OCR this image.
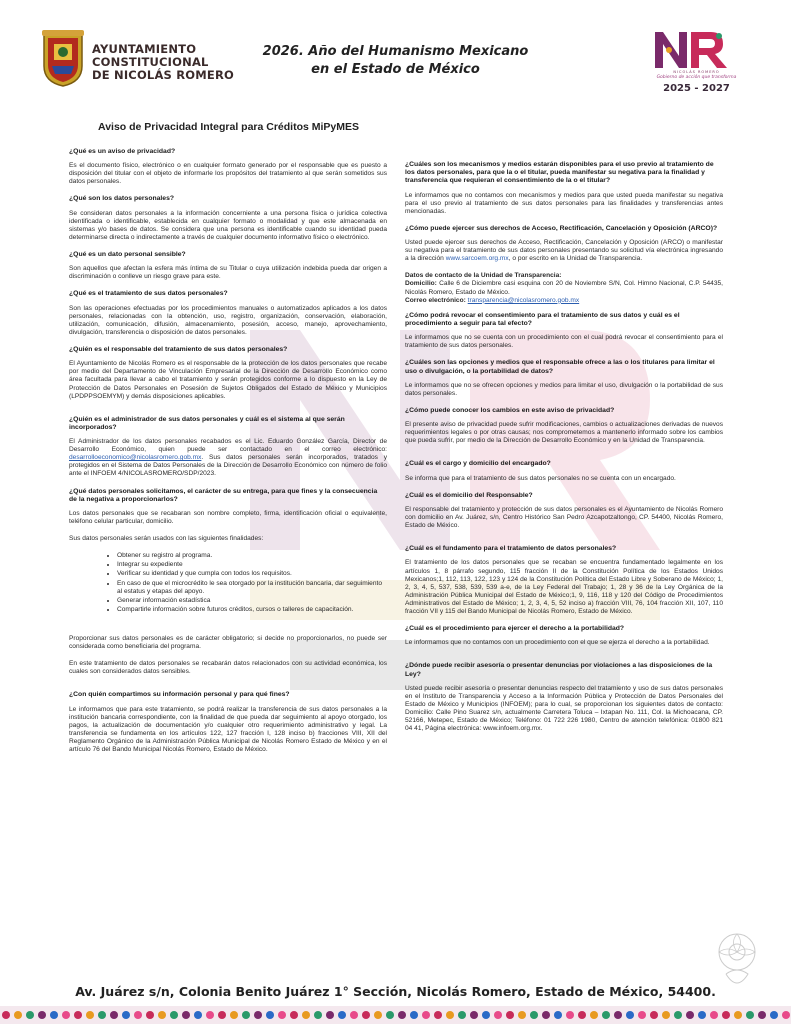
AYUNTAMIENTO
CONSTITUCIONAL
DE NICOLÁS ROMERO
2026. Año del Humanismo Mexicano
en el Estado de México	NICOLÁS ROMERO
Gobierno de acción que transforma
2025 - 2027
Aviso de Privacidad Integral para Créditos MiPyMES
¿Qué es un aviso de privacidad?

Es el documento físico, electrónico o en cualquier formato generado por el responsable que es puesto a disposición del titular con el objeto de informarle los propósitos del tratamiento al que serán sometidos sus datos personales.

¿Qué son los datos personales?

Se consideran datos personales a la información concerniente a una persona física o jurídica colectiva identificada o identificable, establecida en cualquier formato o modalidad y que este almacenada en sistemas y/o bases de datos. Se considera que una persona es identificable cuando su identidad pueda determinarse directa o indirectamente a través de cualquier documento informativo físico o electrónico.

¿Qué es un dato personal sensible?

Son aquellos que afectan la esfera más íntima de su Titular o cuya utilización indebida pueda dar origen a discriminación o conlleve un riesgo grave para este.

¿Qué es el tratamiento de sus datos personales?

Son las operaciones efectuadas por los procedimientos manuales o automatizados aplicados a los datos personales, relacionadas con la obtención, uso, registro, organización, conservación, elaboración, utilización, comunicación, difusión, almacenamiento, posesión, acceso, manejo, aprovechamiento, divulgación, transferencia o disposición de datos personales.

¿Quién es el responsable del tratamiento de sus datos personales?

El Ayuntamiento de Nicolás Romero es el responsable de la protección de los datos personales que recabe por medio del Departamento de Vinculación Empresarial de la Dirección de Desarrollo Económico como área facultada para llevar a cabo el tratamiento y serán protegidos conforme a lo dispuesto en la Ley de Protección de Datos Personales en Posesión de Sujetos Obligados del Estado de México y Municipios (LPDPPSOEMYM) y demás disposiciones aplicables.

¿Quién es el administrador de sus datos personales y cuál es el sistema al que serán incorporados?

El Administrador de los datos personales recabados es el Lic. Eduardo González García, Director de Desarrollo Económico, quien puede ser contactado en el correo electrónico: desarrolloeconomico@nicolasromero.gob.mx. Sus datos personales serán incorporados, tratados y protegidos en el Sistema de Datos Personales de la Dirección de Desarrollo Económico con número de folio ante el INFOEM 4/NICOLASROMERO/SDP/2023.

¿Qué datos personales solicitamos, el carácter de su entrega, para que fines y la consecuencia de la negativa a proporcionarlos?

Los datos personales que se recabaran son nombre completo, firma, identificación oficial o equivalente, teléfono celular particular, domicilio.

Sus datos personales serán usados con las siguientes finalidades:

• Obtener su registro al programa.
• Integrar su expediente
• Verificar su identidad y que cumpla con todos los requisitos.
• En caso de que el microcrédito le sea otorgado por la institución bancaria, dar seguimiento al estatus y etapas del apoyo.
• Generar información estadística
• Compartirle información sobre futuros créditos, cursos o talleres de capacitación.

Proporcionar sus datos personales es de carácter obligatorio; si decide no proporcionarlos, no puede ser considerada como beneficiaria del programa.

En este tratamiento de datos personales se recabarán datos relacionados con su actividad económica, los cuales son considerados datos sensibles.

¿Con quién compartimos su información personal y para qué fines?

Le informamos que para este tratamiento, se podrá realizar la transferencia de sus datos personales a la institución bancaria correspondiente, con la finalidad de que pueda dar seguimiento al apoyo otorgado, los pagos, la actualización de documentación y/o cualquier otro requerimiento administrativo y legal. La transferencia se fundamenta en los artículos 122, 127 fracción I, 128 inciso b) fracciones VIII, XII del Reglamento Orgánico de la Administración Pública Municipal de Nicolás Romero Estado de México y en el artículo 76 del Bando Municipal Nicolás Romero, Estado de México.

¿Cuáles son los mecanismos y medios estarán disponibles para el uso previo al tratamiento de los datos personales, para que la o el titular, pueda manifestar su negativa para la finalidad y transferencia que requieran el consentimiento de la o el titular?

Le informamos que no contamos con mecanismos y medios para que usted pueda manifestar su negativa para el uso previo al tratamiento de sus datos personales para las finalidades y transferencias antes mencionadas.

¿Cómo puede ejercer sus derechos de Acceso, Rectificación, Cancelación y Oposición (ARCO)?

Usted puede ejercer sus derechos de Acceso, Rectificación, Cancelación y Oposición (ARCO) o manifestar su negativa para el tratamiento de sus datos personales presentando su solicitud vía electrónica ingresando a la dirección www.sarcoem.org.mx, o por escrito en la Unidad de Transparencia.

Datos de contacto de la Unidad de Transparencia:
Domicilio: Calle 6 de Diciembre casi esquina con 20 de Noviembre S/N, Col. Himno Nacional, C.P. 54435, Nicolás Romero, Estado de México.
Correo electrónico: transparencia@nicolasromero.gob.mx

¿Cómo podrá revocar el consentimiento para el tratamiento de sus datos y cuál es el procedimiento a seguir para tal efecto?

Le informamos que no se cuenta con un procedimiento con el cual podrá revocar el consentimiento para el tratamiento de sus datos personales.

¿Cuáles son las opciones y medios que el responsable ofrece a las o los titulares para limitar el uso o divulgación, o la portabilidad de datos?

Le informamos que no se ofrecen opciones y medios para limitar el uso, divulgación o la portabilidad de sus datos personales.

¿Cómo puede conocer los cambios en este aviso de privacidad?

El presente aviso de privacidad puede sufrir modificaciones, cambios o actualizaciones derivadas de nuevos requerimientos legales o por otras causas; nos comprometemos a mantenerlo informado sobre los cambios que pueda sufrir, por medio de la Dirección de Desarrollo Económico y en la Unidad de Transparencia.

¿Cuál es el cargo y domicilio del encargado?

Se informa que para el tratamiento de sus datos personales no se cuenta con un encargado.

¿Cuál es el domicilio del Responsable?

El responsable del tratamiento y protección de sus datos personales es el Ayuntamiento de Nicolás Romero con domicilio en Av. Juárez, s/n, Centro Histórico San Pedro Azcapotzaltongo, CP. 54400, Nicolás Romero, Estado de México.

¿Cuál es el fundamento para el tratamiento de datos personales?

El tratamiento de los datos personales que se recaban se encuentra fundamentado legalmente en los artículos 1, 8 párrafo segundo, 115 fracción II de la Constitución Política de los Estados Unidos Mexicanos;1, 112, 113, 122, 123 y 124 de la Constitución Política del Estado Libre y Soberano de México; 1, 2, 3, 4, 5, 537, 538, 539, 539 a-e, de la Ley Federal del Trabajo; 1, 28 y 36 de la Ley Orgánica de la Administración Pública Municipal del Estado de México;1, 9, 116, 118 y 120 del Código de Procedimientos Administrativos del Estado de México; 1, 2, 3, 4, 5, 52 inciso a) fracción VIII, 76, 104 fracción XII, 107, 110 fracción VII y 115 del Bando Municipal de Nicolás Romero, Estado de México.

¿Cuál es el procedimiento para ejercer el derecho a la portabilidad?

Le informamos que no contamos con un procedimiento con el que se ejerza el derecho a la portabilidad.

¿Dónde puede recibir asesoría o presentar denuncias por violaciones a las disposiciones de la Ley?

Usted puede recibir asesoría o presentar denuncias respecto del tratamiento y uso de sus datos personales en el Instituto de Transparencia y Acceso a la Información Pública y Protección de Datos Personales del Estado de México y Municipios (INFOEM); para lo cual, se proporcionan los siguientes datos de contacto: Domicilio: Calle Pino Suarez s/n, actualmente Carretera Toluca – Ixtapan No. 111, Col. la Michoacana, CP. 52166, Metepec, Estado de México; Teléfono: 01 722 226 1980, Centro de atención telefónica: 01800 821 04 41, Página electrónica: www.infoem.org.mx.

Av. Juárez s/n, Colonia Benito Juárez 1° Sección, Nicolás Romero, Estado de México, 54400.
